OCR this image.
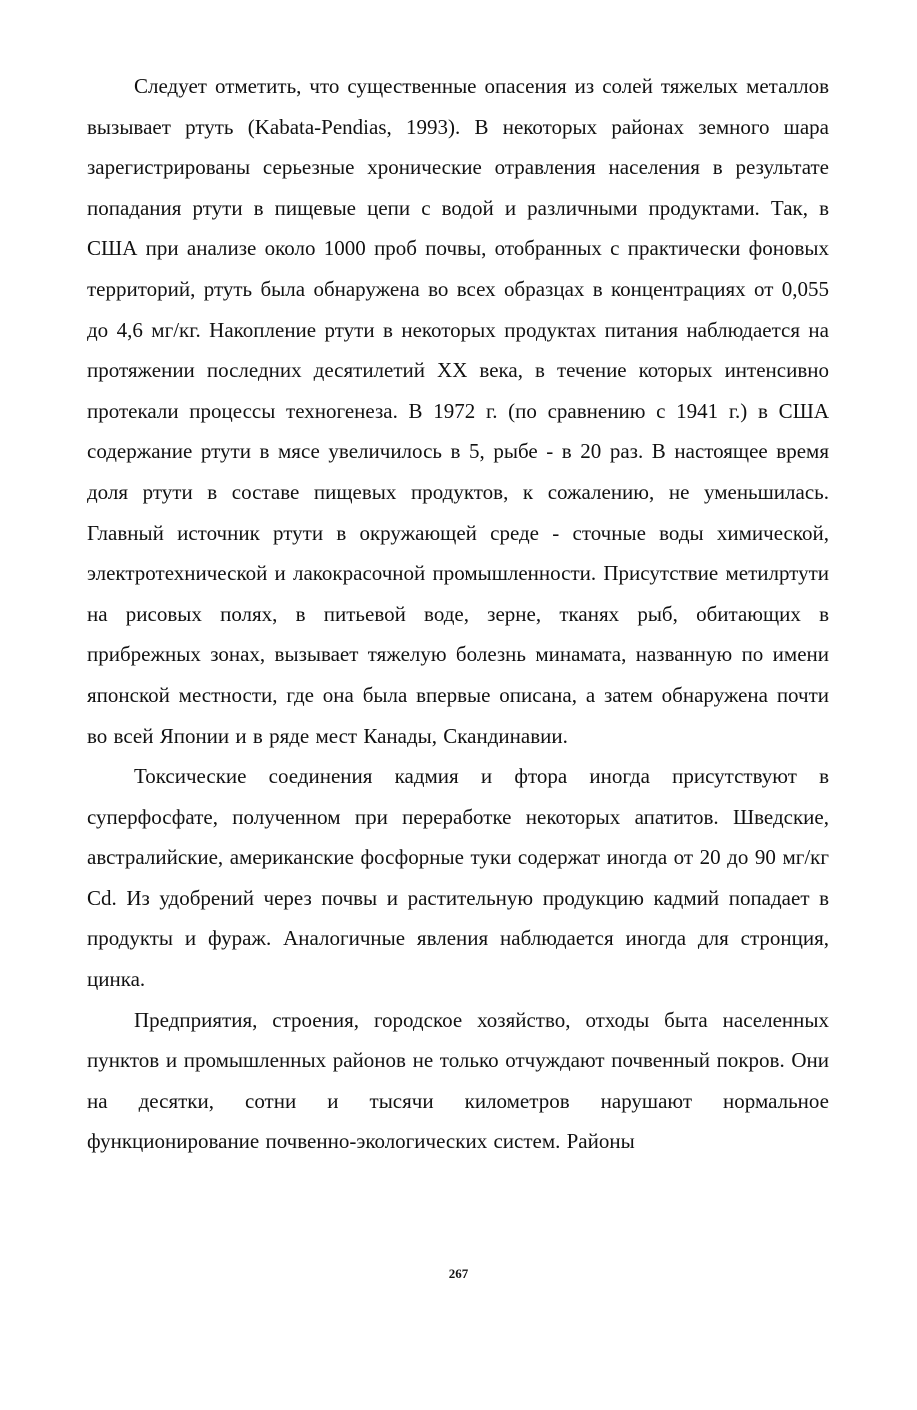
Следует отметить, что существенные опасения из солей тяжелых металлов вызывает ртуть (Kabata-Pendias, 1993). В некоторых районах земного шара зарегистрированы серьезные хронические отравления населения в результате попадания ртути в пищевые цепи с водой и различными продуктами. Так, в США при анализе около 1000 проб почвы, отобранных с практически фоновых территорий, ртуть была обнаружена во всех образцах в концентрациях от 0,055 до 4,6 мг/кг. Накопление ртути в некоторых продуктах питания наблюдается на протяжении последних десятилетий XX века, в течение которых интенсивно протекали процессы техногенеза. В 1972 г. (по сравнению с 1941 г.) в США содержание ртути в мясе увеличилось в 5, рыбе - в 20 раз. В настоящее время доля ртути в составе пищевых продуктов, к сожалению, не уменьшилась. Главный источник ртути в окружающей среде - сточные воды химической, электротехнической и лакокрасочной промышленности. Присутствие метилртути на рисовых полях, в питьевой воде, зерне, тканях рыб, обитающих в прибрежных зонах, вызывает тяжелую болезнь минамата, названную по имени японской местности, где она была впервые описана, а затем обнаружена почти во всей Японии и в ряде мест Канады, Скандинавии.

Токсические соединения кадмия и фтора иногда присутствуют в суперфосфате, полученном при переработке некоторых апатитов. Шведские, австралийские, американские фосфорные туки содержат иногда от 20 до 90 мг/кг Cd. Из удобрений через почвы и растительную продукцию кадмий попадает в продукты и фураж. Аналогичные явления наблюдается иногда для стронция, цинка.

Предприятия, строения, городское хозяйство, отходы быта населенных пунктов и промышленных районов не только отчуждают почвенный покров. Они на десятки, сотни и тысячи километров нарушают нормальное функционирование почвенно-экологических систем. Районы

267
